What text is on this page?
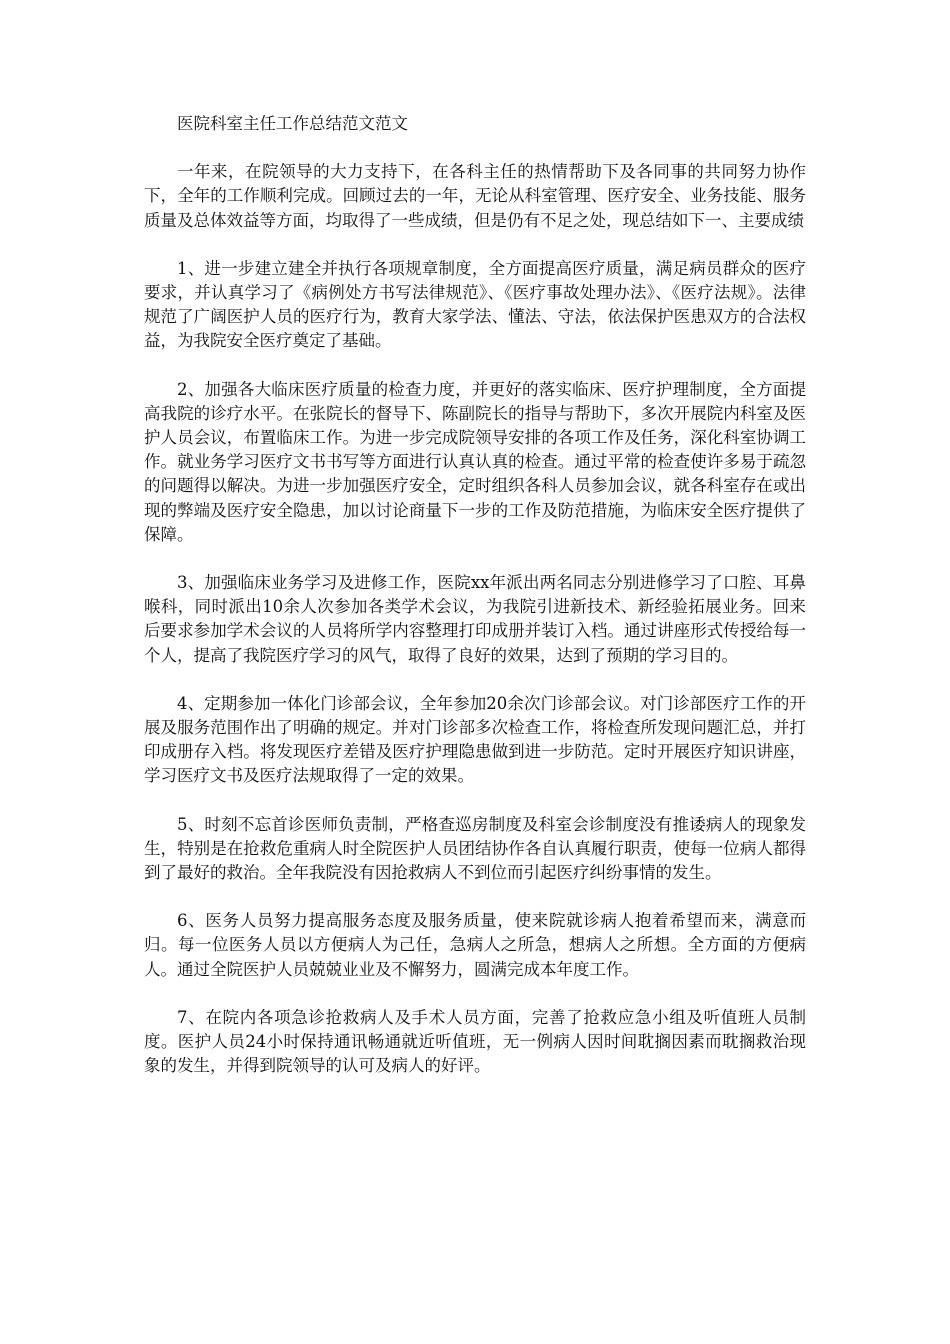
医院科室主任工作总结范文范文

一年来，在院领导的大力支持下，在各科主任的热情帮助下及各同事的共同努力协作下，全年的工作顺利完成。回顾过去的一年，无论从科室管理、医疗安全、业务技能、服务质量及总体效益等方面，均取得了一些成绩，但是仍有不足之处，现总结如下一、主要成绩

1、进一步建立建全并执行各项规章制度，全方面提高医疗质量，满足病员群众的医疗要求，并认真学习了《病例处方书写法律规范》、《医疗事故处理办法》、《医疗法规》。法律规范了广阔医护人员的医疗行为，教育大家学法、懂法、守法，依法保护医患双方的合法权益，为我院安全医疗奠定了基础。

2、加强各大临床医疗质量的检查力度，并更好的落实临床、医疗护理制度，全方面提高我院的诊疗水平。在张院长的督导下、陈副院长的指导与帮助下，多次开展院内科室及医护人员会议，布置临床工作。为进一步完成院领导安排的各项工作及任务，深化科室协调工作。就业务学习医疗文书书写等方面进行认真认真的检查。通过平常的检查使许多易于疏忽的问题得以解决。为进一步加强医疗安全，定时组织各科人员参加会议，就各科室存在或出现的弊端及医疗安全隐患，加以讨论商量下一步的工作及防范措施，为临床安全医疗提供了保障。

3、加强临床业务学习及进修工作，医院xx年派出两名同志分别进修学习了口腔、耳鼻喉科，同时派出10余人次参加各类学术会议，为我院引进新技术、新经验拓展业务。回来后要求参加学术会议的人员将所学内容整理打印成册并装订入档。通过讲座形式传授给每一个人，提高了我院医疗学习的风气，取得了良好的效果，达到了预期的学习目的。

4、定期参加一体化门诊部会议，全年参加20余次门诊部会议。对门诊部医疗工作的开展及服务范围作出了明确的规定。并对门诊部多次检查工作，将检查所发现问题汇总，并打印成册存入档。将发现医疗差错及医疗护理隐患做到进一步防范。定时开展医疗知识讲座，学习医疗文书及医疗法规取得了一定的效果。

5、时刻不忘首诊医师负责制，严格查巡房制度及科室会诊制度没有推诿病人的现象发生，特别是在抢救危重病人时全院医护人员团结协作各自认真履行职责，使每一位病人都得到了最好的救治。全年我院没有因抢救病人不到位而引起医疗纠纷事情的发生。

6、医务人员努力提高服务态度及服务质量，使来院就诊病人抱着希望而来，满意而归。每一位医务人员以方便病人为己任，急病人之所急，想病人之所想。全方面的方便病人。通过全院医护人员兢兢业业及不懈努力，圆满完成本年度工作。

7、在院内各项急诊抢救病人及手术人员方面，完善了抢救应急小组及听值班人员制度。医护人员24小时保持通讯畅通就近听值班，无一例病人因时间耽搁因素而耽搁救治现象的发生，并得到院领导的认可及病人的好评。
